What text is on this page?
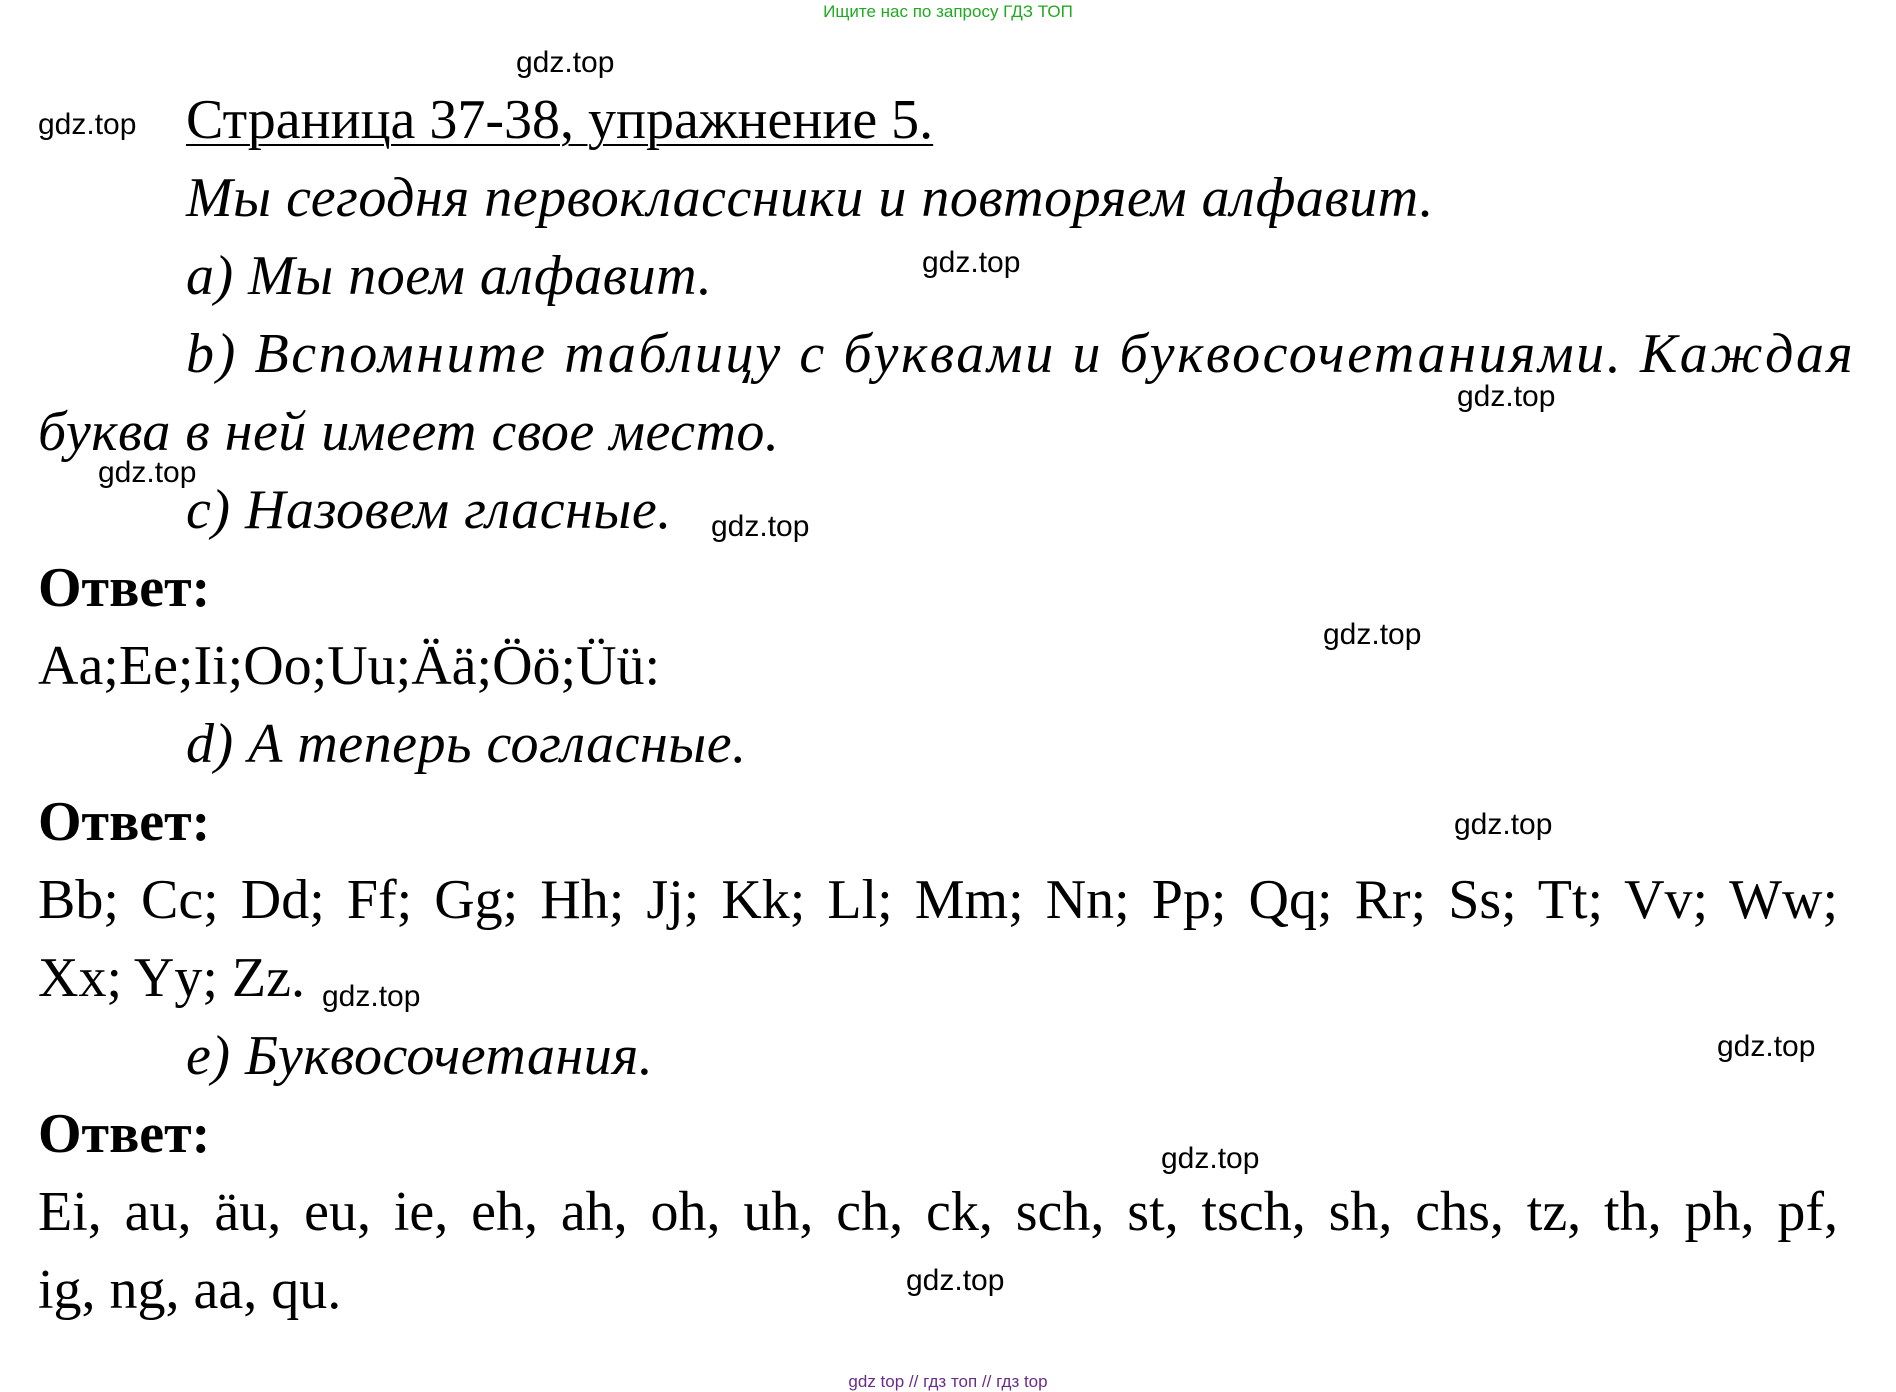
Ищите нас по запросу ГДЗ ТОП
Страница 37-38, упражнение 5.
Мы сегодня первоклассники и повторяем алфавит.
a) Мы поем алфавит.
b) Вспомните таблицу с буквами и буквосочетаниями. Каждая
буква в ней имеет свое место.
c) Назовем гласные.
Ответ:
Aa;Ee;Ii;Oo;Uu;Ää;Öö;Üü:
d) А теперь согласные.
Ответ:
Bb; Cc; Dd; Ff; Gg; Hh; Jj; Kk; Ll; Mm; Nn; Pp; Qq; Rr; Ss; Tt; Vv; Ww;
Xx; Yy; Zz.
e) Буквосочетания.
Ответ:
Ei, au, äu, eu, ie, eh, ah, oh, uh, ch, ck, sch, st, tsch, sh, chs, tz, th, ph, pf,
ig, ng, aa, qu.
gdz.top
gdz.top
gdz.top
gdz.top
gdz.top
gdz.top
gdz.top
gdz.top
gdz.top
gdz.top
gdz.top
gdz.top
gdz top // гдз топ // гдз top
